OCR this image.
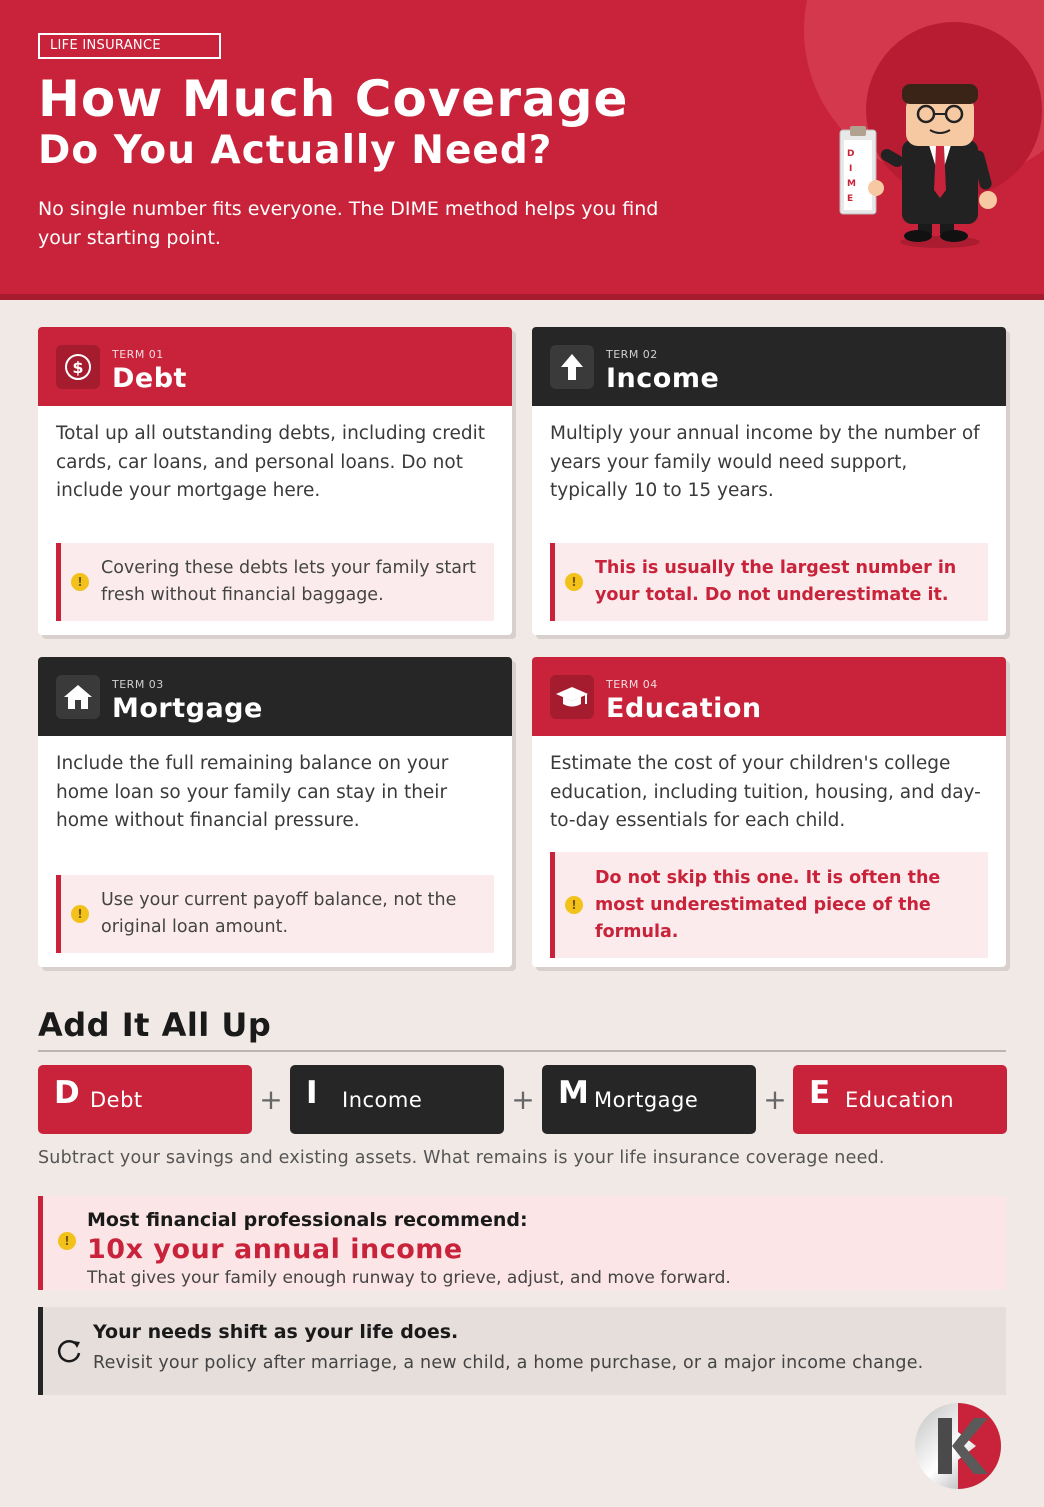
LIFE INSURANCE
How Much Coverage
Do You Actually Need?
No single number fits everyone. The DIME method helps you find your starting point.
D
I
M
E
$
TERM 01
Debt
Total up all outstanding debts, including credit cards, car loans, and personal loans. Do not include your mortgage here.
!
Covering these debts lets your family start fresh without financial baggage.
TERM 02
Income
Multiply your annual income by the number of years your family would need support, typically 10 to 15 years.
!
This is usually the largest number in your total. Do not underestimate it.
TERM 03
Mortgage
Include the full remaining balance on your home loan so your family can stay in their home without financial pressure.
!
Use your current payoff balance, not the original loan amount.
TERM 04
Education
Estimate the cost of your children's college education, including tuition, housing, and day-to-day essentials for each child.
!
Do not skip this one. It is often the most underestimated piece of the formula.
Add It All Up
D Debt	+ I	Income	+ M Mortgage + E Education
Subtract your savings and existing assets. What remains is your life insurance coverage need.
!
Most financial professionals recommend:
10x your annual income
That gives your family enough runway to grieve, adjust, and move forward.
Your needs shift as your life does.
Revisit your policy after marriage, a new child, a home purchase, or a major income change.
